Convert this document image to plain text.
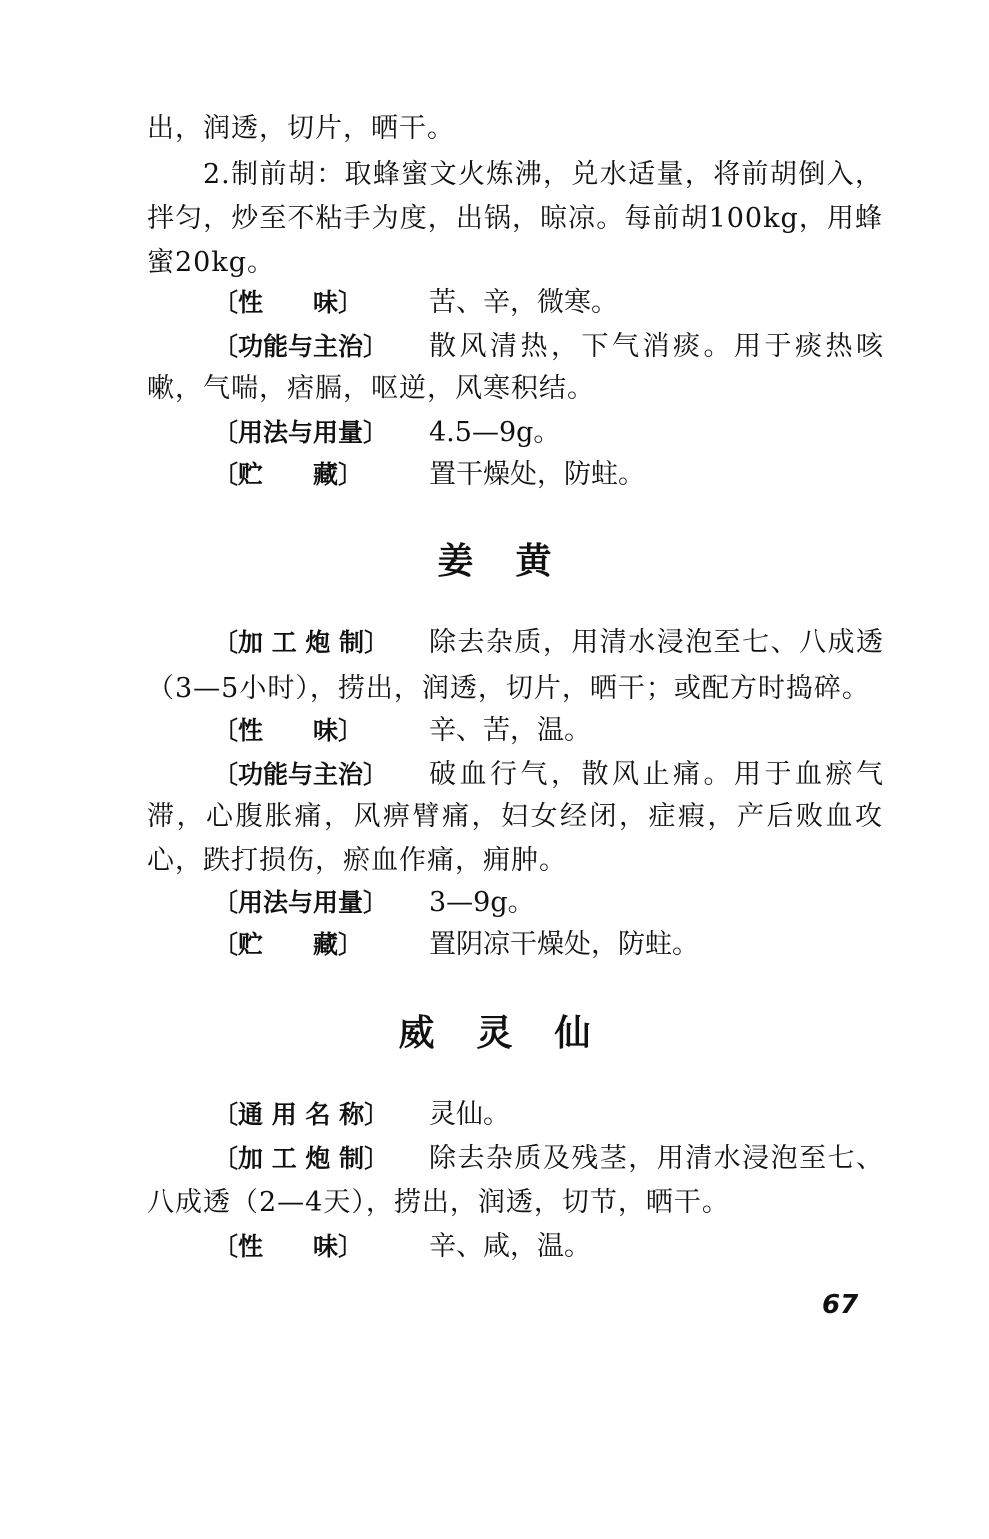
出，润透，切片，晒干。
2.制前胡：取蜂蜜文火炼沸，兑水适量，将前胡倒入，
拌匀，炒至不粘手为度，出锅，晾凉。每前胡100kg，用蜂
蜜20kg。
〔性　　味〕	苦、辛，微寒。
〔功能与主治〕	散风清热，下气消痰。用于痰热咳
嗽，气喘，痞膈，呕逆，风寒积结。
〔用法与用量〕	4.5—9g。
〔贮　　藏〕	置干燥处，防蛀。
姜黄
〔加 工 炮 制〕	除去杂质，用清水浸泡至七、八成透
（3—5小时），捞出，润透，切片，晒干；或配方时捣碎。
〔性　　味〕	辛、苦，温。
〔功能与主治〕	破血行气，散风止痛。用于血瘀气
滞，心腹胀痛，风痹臂痛，妇女经闭，症瘕，产后败血攻
心，跌打损伤，瘀血作痛，痈肿。
〔用法与用量〕	3—9g。
〔贮　　藏〕	置阴凉干燥处，防蛀。
威灵仙
〔通 用 名 称〕	灵仙。
〔加 工 炮 制〕	除去杂质及残茎，用清水浸泡至七、
八成透（2—4天），捞出，润透，切节，晒干。
〔性　　味〕	辛、咸，温。
67
